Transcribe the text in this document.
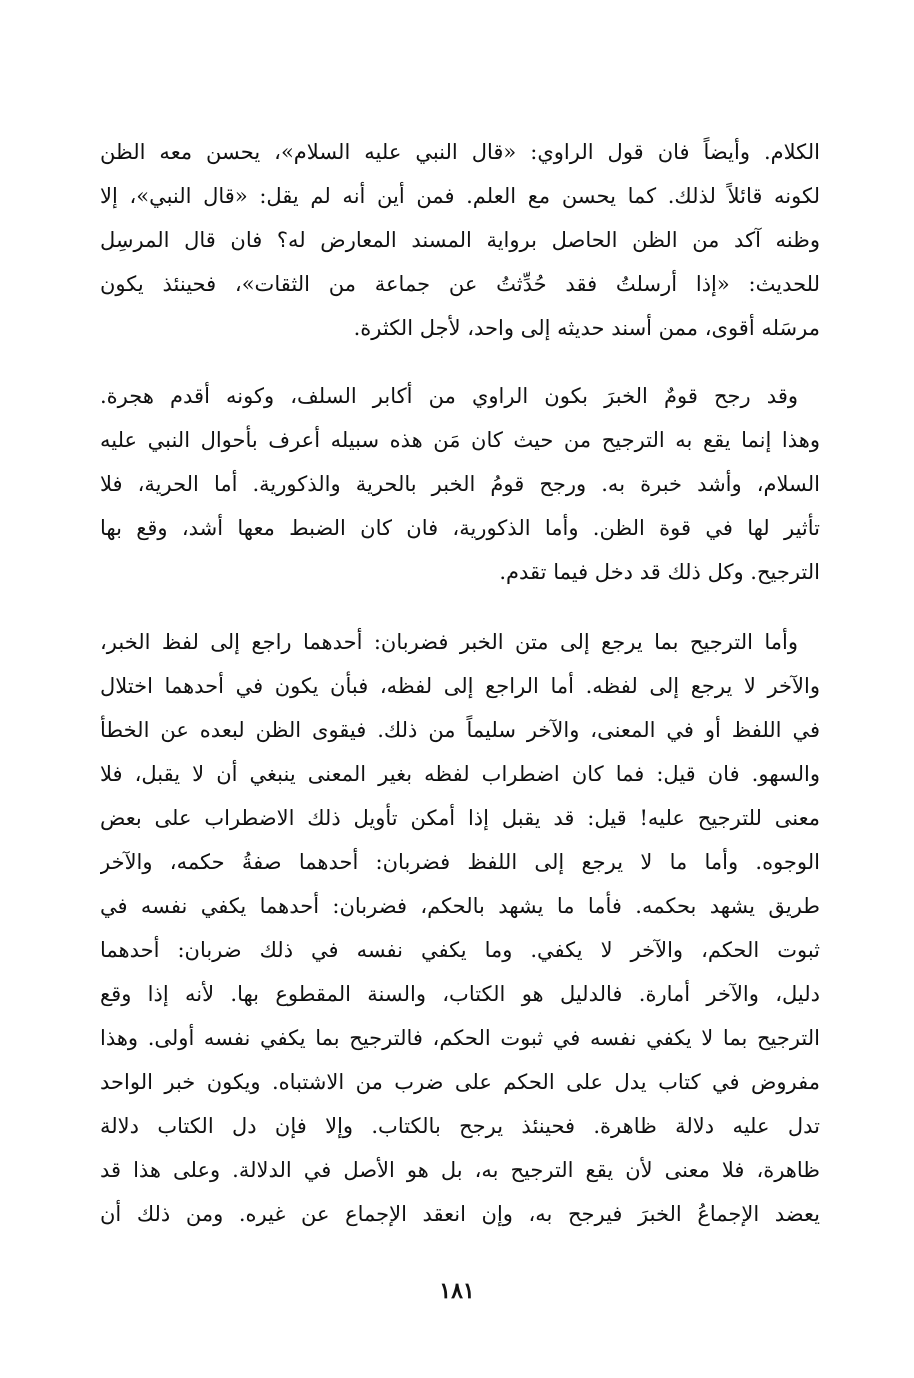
الكلام. وأيضاً فان قول الراوي: «قال النبي عليه السلام»، يحسن معه الظن
لكونه قائلاً لذلك. كما يحسن مع العلم. فمن أين أنه لم يقل: «قال النبي»، إلا
وظنه آكد من الظن الحاصل برواية المسند المعارض له؟ فان قال المرسِل
للحديث: «إذا أرسلتُ فقد حُدِّثتُ عن جماعة من الثقات»، فحينئذ يكون
مرسَله أقوى، ممن أسند حديثه إلى واحد، لأجل الكثرة.
وقد رجح قومٌ الخبرَ بكون الراوي من أكابر السلف، وكونه أقدم هجرة.
وهذا إنما يقع به الترجيح من حيث كان مَن هذه سبيله أعرف بأحوال النبي عليه
السلام، وأشد خبرة به. ورجح قومُ الخبر بالحرية والذكورية. أما الحرية، فلا
تأثير لها في قوة الظن. وأما الذكورية، فان كان الضبط معها أشد، وقع بها
الترجيح. وكل ذلك قد دخل فيما تقدم.
وأما الترجيح بما يرجع إلى متن الخبر فضربان: أحدهما راجع إلى لفظ الخبر،
والآخر لا يرجع إلى لفظه. أما الراجع إلى لفظه، فبأن يكون في أحدهما اختلال
في اللفظ أو في المعنى، والآخر سليماً من ذلك. فيقوى الظن لبعده عن الخطأ
والسهو. فان قيل: فما كان اضطراب لفظه بغير المعنى ينبغي أن لا يقبل، فلا
معنى للترجيح عليه! قيل: قد يقبل إذا أمكن تأويل ذلك الاضطراب على بعض
الوجوه. وأما ما لا يرجع إلى اللفظ فضربان: أحدهما صفةُ حكمه، والآخر
طريق يشهد بحكمه. فأما ما يشهد بالحكم، فضربان: أحدهما يكفي نفسه في
ثبوت الحكم، والآخر لا يكفي. وما يكفي نفسه في ذلك ضربان: أحدهما
دليل، والآخر أمارة. فالدليل هو الكتاب، والسنة المقطوع بها. لأنه إذا وقع
الترجيح بما لا يكفي نفسه في ثبوت الحكم، فالترجيح بما يكفي نفسه أولى. وهذا
مفروض في كتاب يدل على الحكم على ضرب من الاشتباه. ويكون خبر الواحد
تدل عليه دلالة ظاهرة. فحينئذ يرجح بالكتاب. وإلا فإن دل الكتاب دلالة
ظاهرة، فلا معنى لأن يقع الترجيح به، بل هو الأصل في الدلالة. وعلى هذا قد
يعضد الإجماعُ الخبرَ فيرجح به، وإن انعقد الإجماع عن غيره. ومن ذلك أن
١٨١
